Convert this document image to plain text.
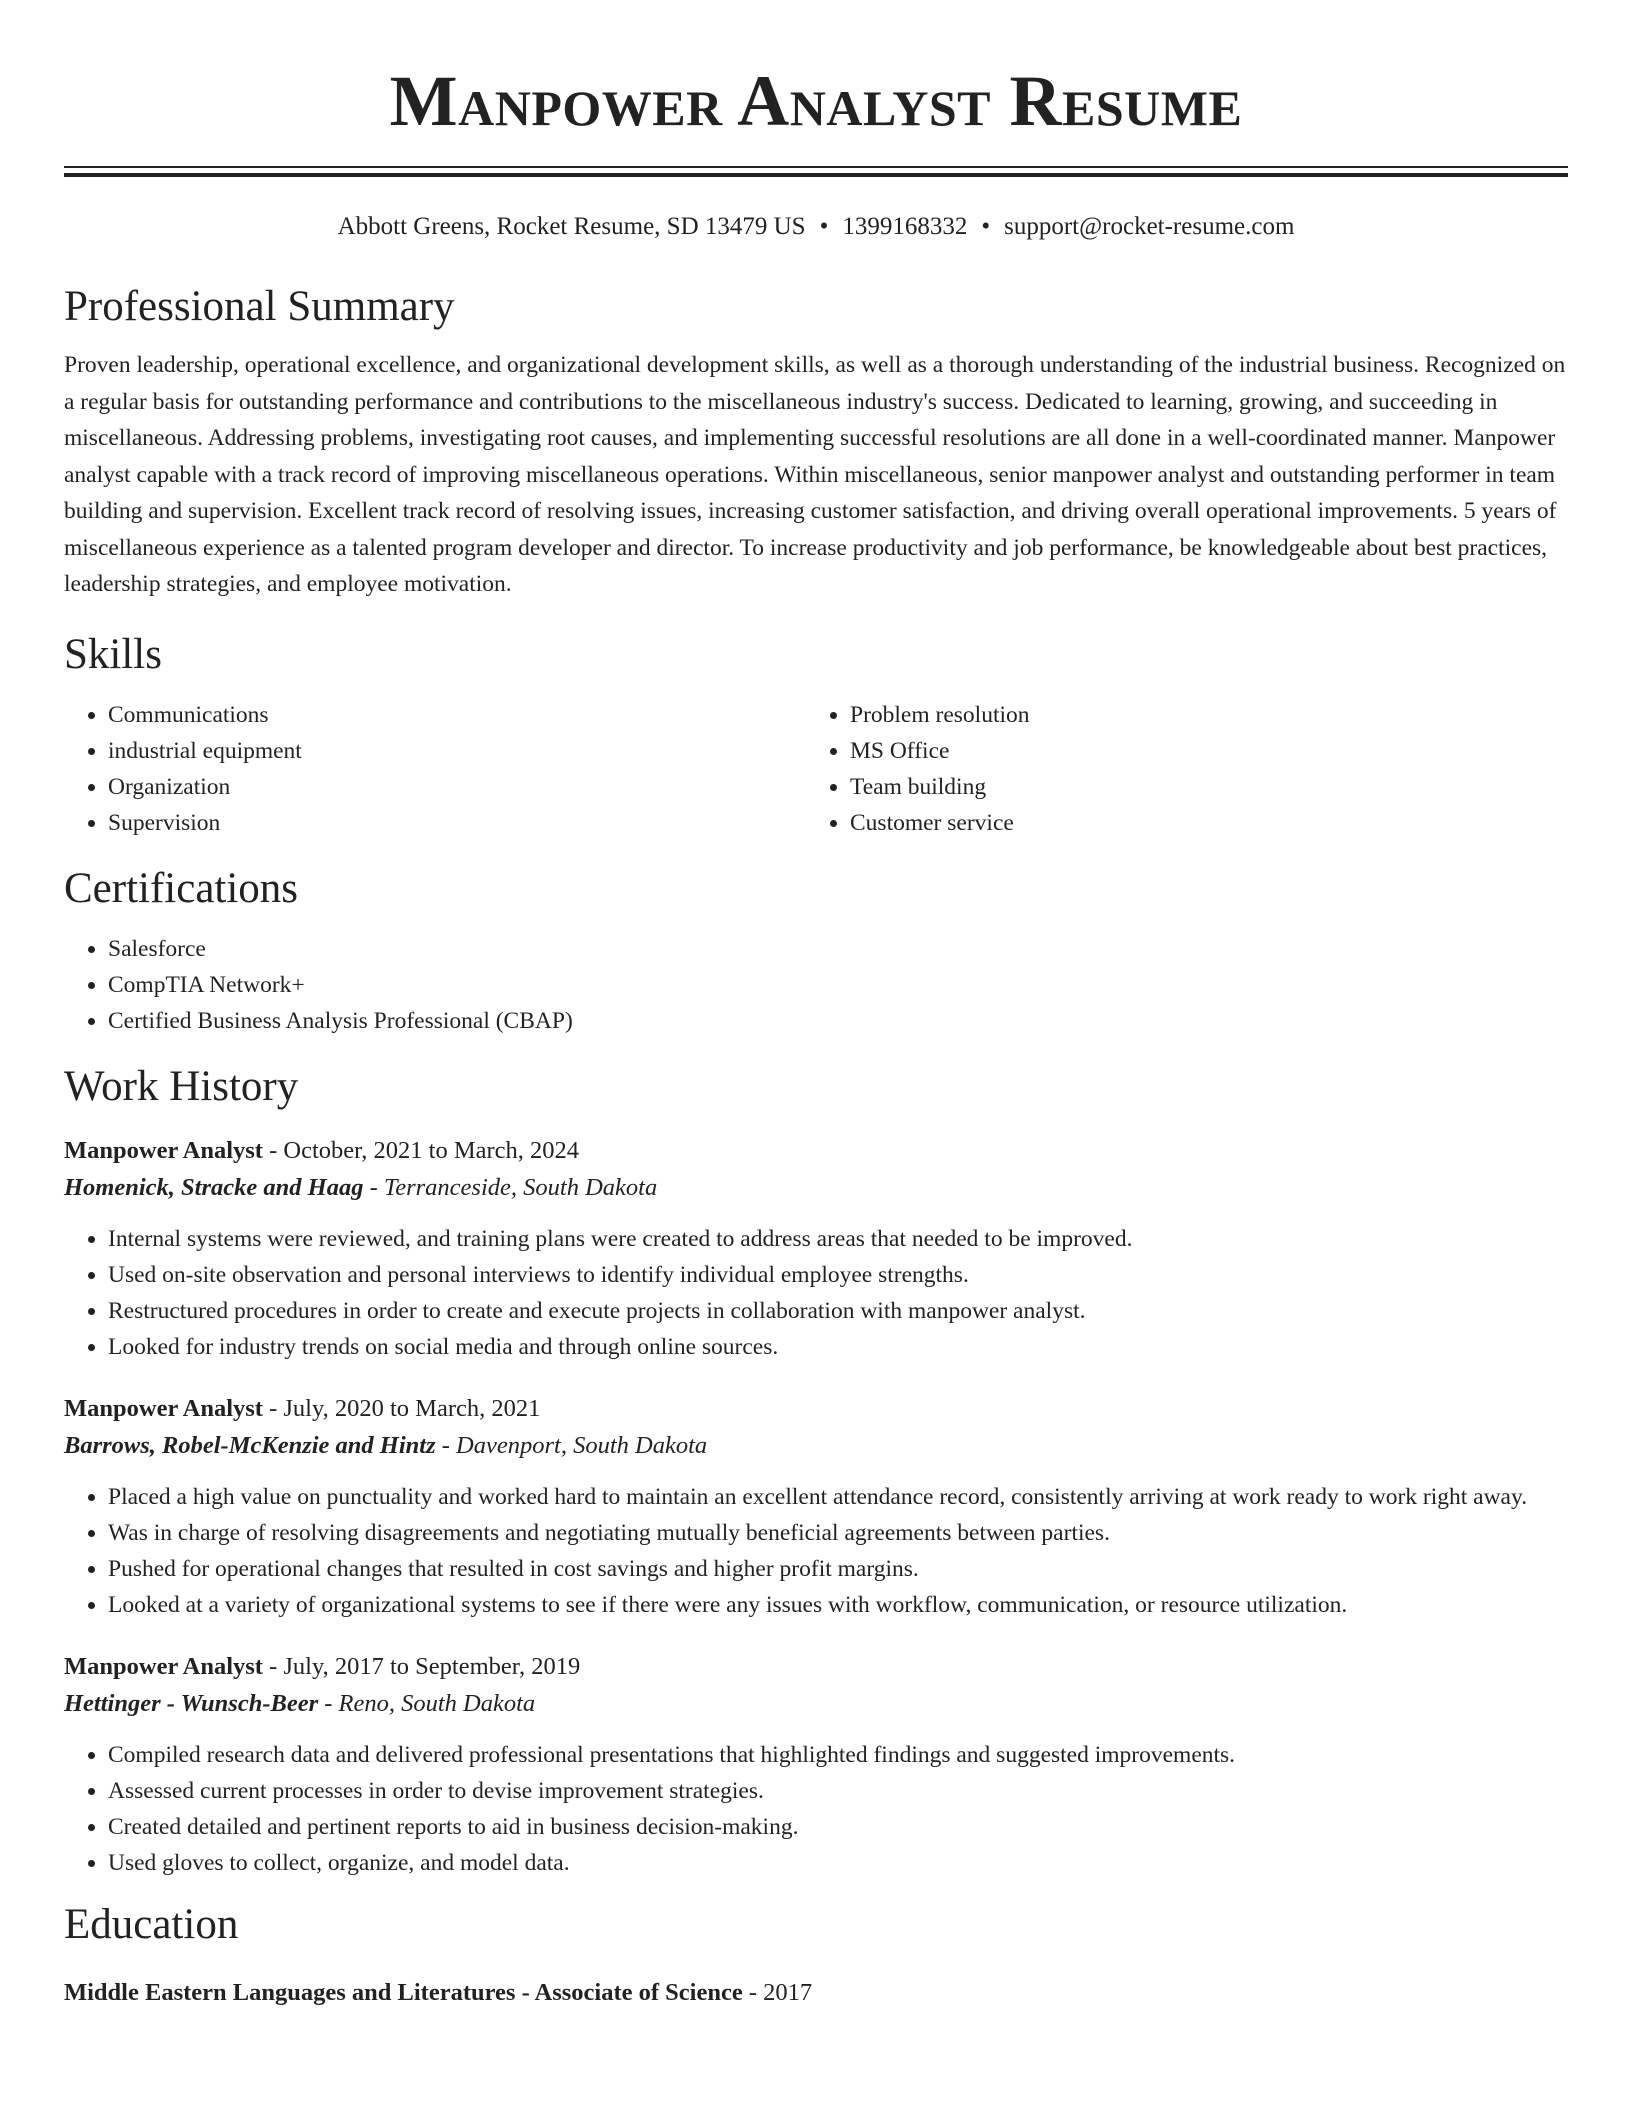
Manpower Analyst Resume
Abbott Greens, Rocket Resume, SD 13479 US • 1399168332 • support@rocket-resume.com
Professional Summary
Proven leadership, operational excellence, and organizational development skills, as well as a thorough understanding of the industrial business. Recognized on a regular basis for outstanding performance and contributions to the miscellaneous industry's success. Dedicated to learning, growing, and succeeding in miscellaneous. Addressing problems, investigating root causes, and implementing successful resolutions are all done in a well-coordinated manner. Manpower analyst capable with a track record of improving miscellaneous operations. Within miscellaneous, senior manpower analyst and outstanding performer in team building and supervision. Excellent track record of resolving issues, increasing customer satisfaction, and driving overall operational improvements. 5 years of miscellaneous experience as a talented program developer and director. To increase productivity and job performance, be knowledgeable about best practices, leadership strategies, and employee motivation.
Skills
• Communications
• industrial equipment
• Organization
• Supervision
• Problem resolution
• MS Office
• Team building
• Customer service
Certifications
• Salesforce
• CompTIA Network+
• Certified Business Analysis Professional (CBAP)
Work History
Manpower Analyst - October, 2021 to March, 2024
Homenick, Stracke and Haag - Terranceside, South Dakota
• Internal systems were reviewed, and training plans were created to address areas that needed to be improved.
• Used on-site observation and personal interviews to identify individual employee strengths.
• Restructured procedures in order to create and execute projects in collaboration with manpower analyst.
• Looked for industry trends on social media and through online sources.
Manpower Analyst - July, 2020 to March, 2021
Barrows, Robel-McKenzie and Hintz - Davenport, South Dakota
• Placed a high value on punctuality and worked hard to maintain an excellent attendance record, consistently arriving at work ready to work right away.
• Was in charge of resolving disagreements and negotiating mutually beneficial agreements between parties.
• Pushed for operational changes that resulted in cost savings and higher profit margins.
• Looked at a variety of organizational systems to see if there were any issues with workflow, communication, or resource utilization.
Manpower Analyst - July, 2017 to September, 2019
Hettinger - Wunsch-Beer - Reno, South Dakota
• Compiled research data and delivered professional presentations that highlighted findings and suggested improvements.
• Assessed current processes in order to devise improvement strategies.
• Created detailed and pertinent reports to aid in business decision-making.
• Used gloves to collect, organize, and model data.
Education
Middle Eastern Languages and Literatures - Associate of Science - 2017
